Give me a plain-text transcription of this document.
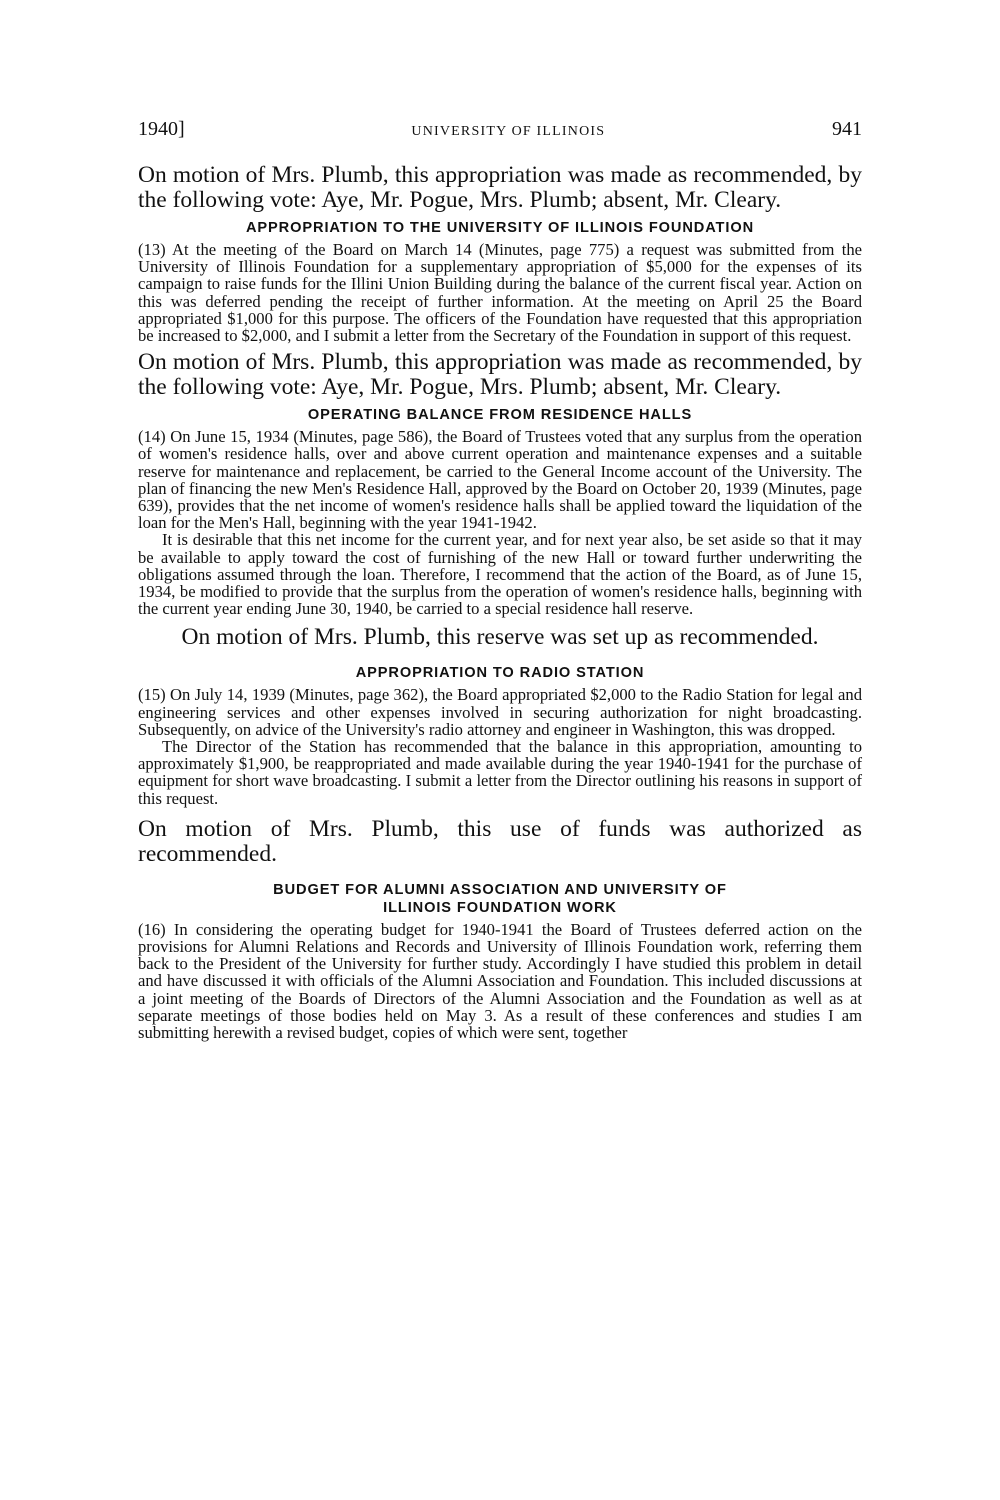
1940]	UNIVERSITY OF ILLINOIS	941

On motion of Mrs. Plumb, this appropriation was made as recommended, by the following vote: Aye, Mr. Pogue, Mrs. Plumb; absent, Mr. Cleary.

APPROPRIATION TO THE UNIVERSITY OF ILLINOIS FOUNDATION

(13) At the meeting of the Board on March 14 (Minutes, page 775) a request was submitted from the University of Illinois Foundation for a supplementary appropriation of $5,000 for the expenses of its campaign to raise funds for the Illini Union Building during the balance of the current fiscal year. Action on this was deferred pending the receipt of further information. At the meeting on April 25 the Board appropriated $1,000 for this purpose. The officers of the Foundation have requested that this appropriation be increased to $2,000, and I submit a letter from the Secretary of the Foundation in support of this request.

On motion of Mrs. Plumb, this appropriation was made as recommended, by the following vote: Aye, Mr. Pogue, Mrs. Plumb; absent, Mr. Cleary.

OPERATING BALANCE FROM RESIDENCE HALLS

(14) On June 15, 1934 (Minutes, page 586), the Board of Trustees voted that any surplus from the operation of women's residence halls, over and above current operation and maintenance expenses and a suitable reserve for maintenance and replacement, be carried to the General Income account of the University. The plan of financing the new Men's Residence Hall, approved by the Board on October 20, 1939 (Minutes, page 639), provides that the net income of women's residence halls shall be applied toward the liquidation of the loan for the Men's Hall, beginning with the year 1941-1942.

It is desirable that this net income for the current year, and for next year also, be set aside so that it may be available to apply toward the cost of furnishing of the new Hall or toward further underwriting the obligations assumed through the loan. Therefore, I recommend that the action of the Board, as of June 15, 1934, be modified to provide that the surplus from the operation of women's residence halls, beginning with the current year ending June 30, 1940, be carried to a special residence hall reserve.

On motion of Mrs. Plumb, this reserve was set up as recommended.

APPROPRIATION TO RADIO STATION

(15) On July 14, 1939 (Minutes, page 362), the Board appropriated $2,000 to the Radio Station for legal and engineering services and other expenses involved in securing authorization for night broadcasting. Subsequently, on advice of the University's radio attorney and engineer in Washington, this was dropped.

The Director of the Station has recommended that the balance in this appropriation, amounting to approximately $1,900, be reappropriated and made available during the year 1940-1941 for the purchase of equipment for short wave broadcasting. I submit a letter from the Director outlining his reasons in support of this request.

On motion of Mrs. Plumb, this use of funds was authorized as recommended.

BUDGET FOR ALUMNI ASSOCIATION AND UNIVERSITY OF
ILLINOIS FOUNDATION WORK

(16) In considering the operating budget for 1940-1941 the Board of Trustees deferred action on the provisions for Alumni Relations and Records and University of Illinois Foundation work, referring them back to the President of the University for further study. Accordingly I have studied this problem in detail and have discussed it with officials of the Alumni Association and Foundation. This included discussions at a joint meeting of the Boards of Directors of the Alumni Association and the Foundation as well as at separate meetings of those bodies held on May 3. As a result of these conferences and studies I am submitting herewith a revised budget, copies of which were sent, together
